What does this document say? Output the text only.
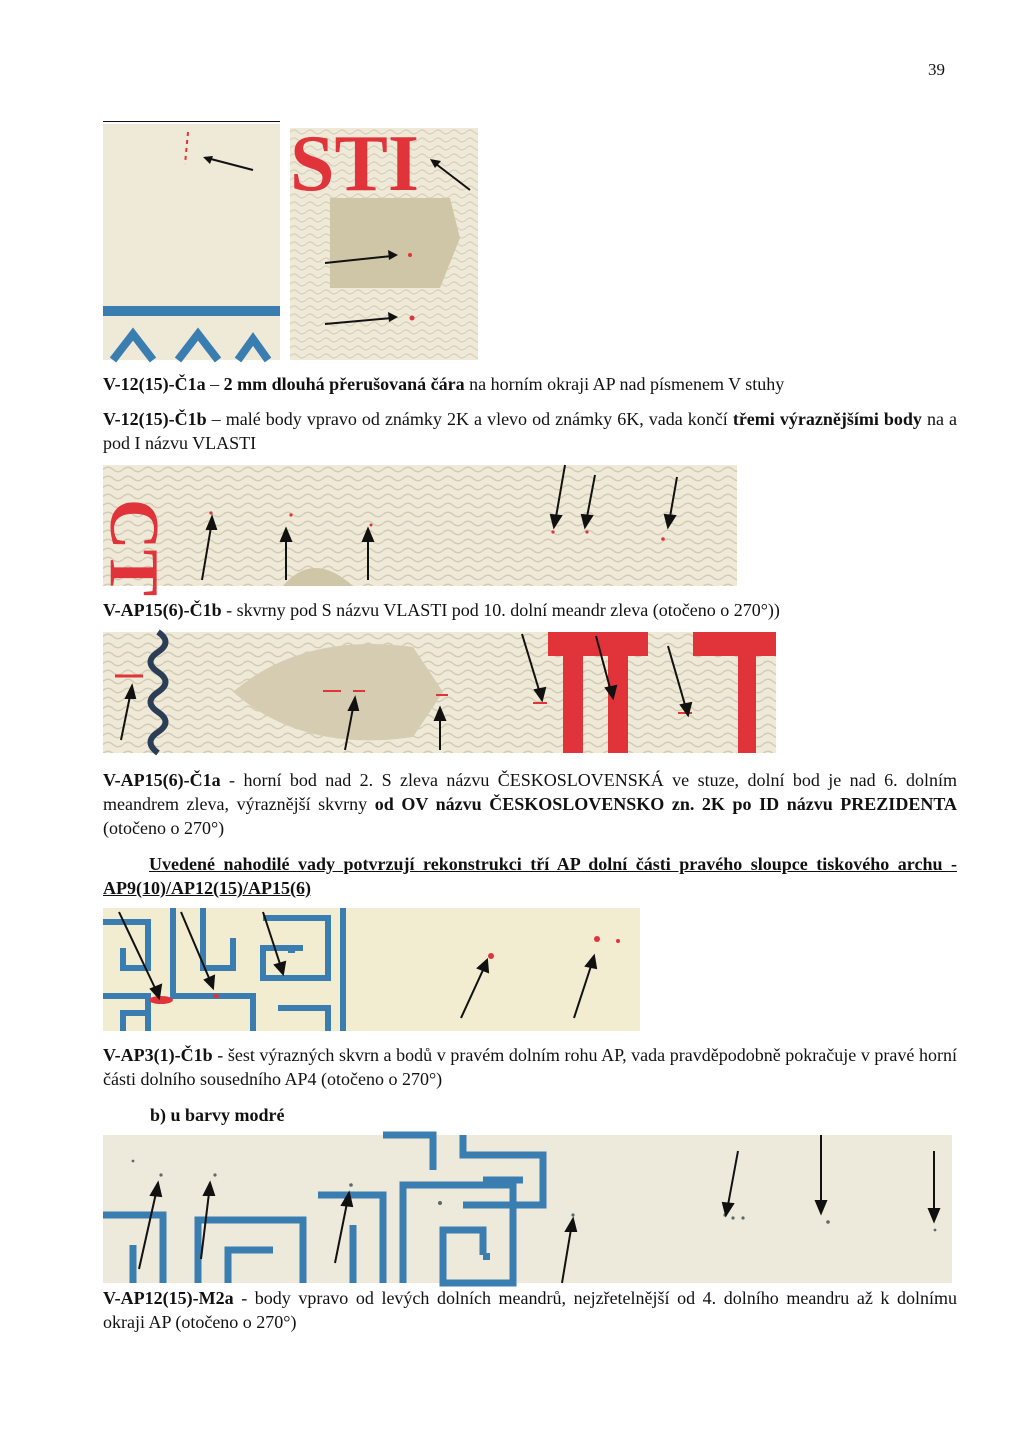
39
STI
V-12(15)-Č1a – 2 mm dlouhá přerušovaná čára na horním okraji AP nad písmenem V stuhy
V-12(15)-Č1b – malé body vpravo od známky 2K a vlevo od známky 6K, vada končí třemi výraznějšími body na a pod I názvu VLASTI
CT
V-AP15(6)-Č1b - skvrny pod S názvu VLASTI pod 10. dolní meandr zleva (otočeno o 270°))
V-AP15(6)-Č1a - horní bod nad 2. S zleva názvu ČESKOSLOVENSKÁ ve stuze, dolní bod je nad 6. dolním meandrem zleva, výraznější skvrny od OV názvu ČESKOSLOVENSKO zn. 2K po ID názvu PREZIDENTA (otočeno o 270°)
Uvedené nahodilé vady potvrzují rekonstrukci tří AP dolní části pravého sloupce tiskového archu - AP9(10)/AP12(15)/AP15(6)
V-AP3(1)-Č1b - šest výrazných skvrn a bodů v pravém dolním rohu AP, vada pravděpodobně pokračuje v pravé horní části dolního sousedního AP4 (otočeno o 270°)
b) u barvy modré
V-AP12(15)-M2a - body vpravo od levých dolních meandrů, nejzřetelnější od 4. dolního meandru až k dolnímu okraji AP (otočeno o 270°)
